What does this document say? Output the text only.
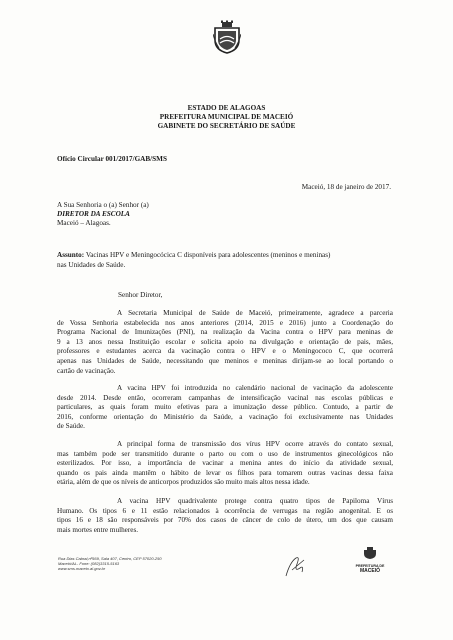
ESTADO DE ALAGOAS
PREFEITURA MUNICIPAL DE MACEIÓ
GABINETE DO SECRETÁRIO DE SAÚDE
Ofício Circular 001/2017/GAB/SMS
Maceió, 18 de janeiro de 2017.
A Sua Senhoria o (a) Senhor (a)
DIRETOR DA ESCOLA
Maceió – Alagoas.
Assunto: Vacinas HPV e Meningocócica C disponíveis para adolescentes (meninos e meninas)
nas Unidades de Saúde.
Senhor Diretor,
A Secretaria Municipal de Saúde de Maceió, primeiramente, agradece a parceria
de Vossa Senhoria estabelecida nos anos anteriores (2014, 2015 e 2016) junto a Coordenação do
Programa Nacional de Imunizações (PNI), na realização da Vacina contra o HPV para meninas de
9 a 13 anos nessa Instituição escolar e solicita apoio na divulgação e orientação de pais, mães,
professores e estudantes acerca da vacinação contra o HPV e o Meningococo C, que ocorrerá
apenas nas Unidades de Saúde, necessitando que meninos e meninas dirijam-se ao local portando o
cartão de vacinação.
A vacina HPV foi introduzida no calendário nacional de vacinação da adolescente
desde 2014. Desde então, ocorreram campanhas de intensificação vacinal nas escolas públicas e
particulares, as quais foram muito efetivas para a imunização desse público. Contudo, a partir de
2016, conforme orientação do Ministério da Saúde, a vacinação foi exclusivamente nas Unidades
de Saúde.
A principal forma de transmissão dos vírus HPV ocorre através do contato sexual,
mas também pode ser transmitido durante o parto ou com o uso de instrumentos ginecológicos não
esterilizados. Por isso, a importância de vacinar a menina antes do início da atividade sexual,
quando os pais ainda mantêm o hábito de levar os filhos para tomarem outras vacinas dessa faixa
etária, além de que os níveis de anticorpos produzidos são muito mais altos nessa idade.
A vacina HPV quadrivalente protege contra quatro tipos de Papiloma Vírus
Humano. Os tipos 6 e 11 estão relacionados à ocorrência de verrugas na região anogenital. E os
tipos 16 e 18 são responsáveis por 70% dos casos de câncer de colo de útero, um dos que causam
mais mortes entre mulheres.
Rua Dias Cabral,nº569, Sala 407, Centro, CEP 57020-250
Maceió/AL- Fone: (082)3315-5163
www.sms.maceio.al.gov.br	PREFEITURA DE
MACEIÓ
